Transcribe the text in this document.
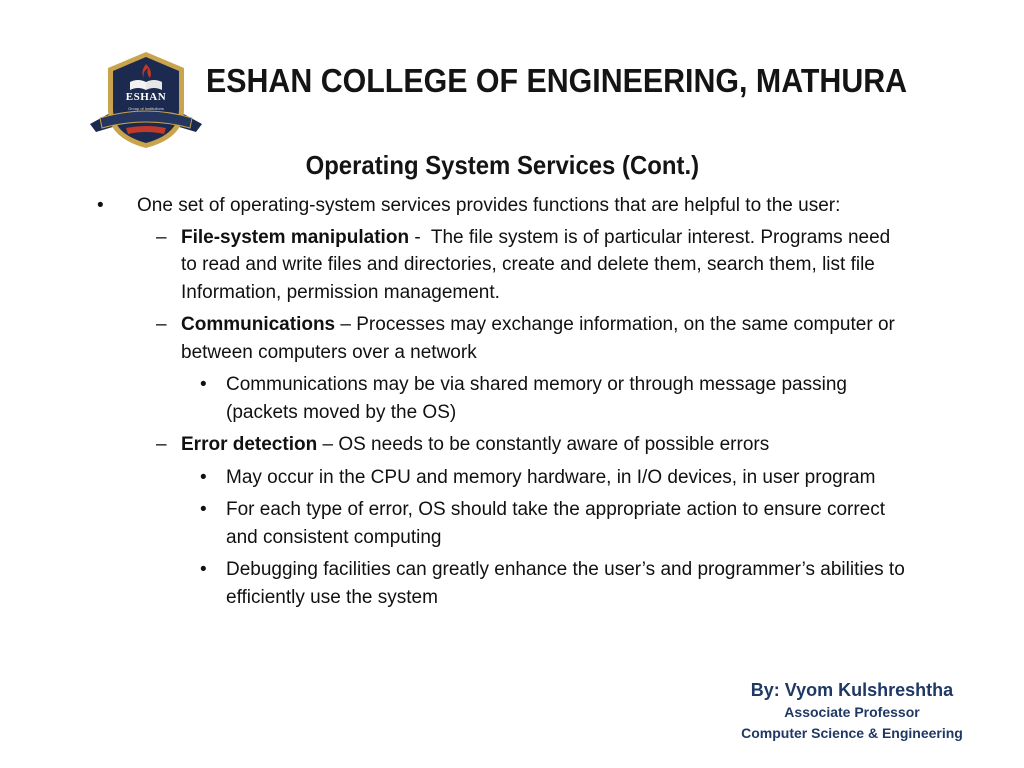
ESHAN
Group of Institutions
ESHAN COLLEGE OF ENGINEERING, MATHURA
Operating System Services (Cont.)
• One set of operating-system services provides functions that are helpful to the user:
– File-system manipulation -  The file system is of particular interest. Programs need to read and write files and directories, create and delete them, search them, list file Information, permission management.
– Communications – Processes may exchange information, on the same computer or between computers over a network
• Communications may be via shared memory or through message passing (packets moved by the OS)
– Error detection – OS needs to be constantly aware of possible errors
• May occur in the CPU and memory hardware, in I/O devices, in user program
• For each type of error, OS should take the appropriate action to ensure correct and consistent computing
• Debugging facilities can greatly enhance the user’s and programmer’s abilities to efficiently use the system
By: Vyom Kulshreshtha
Associate Professor
Computer Science & Engineering
